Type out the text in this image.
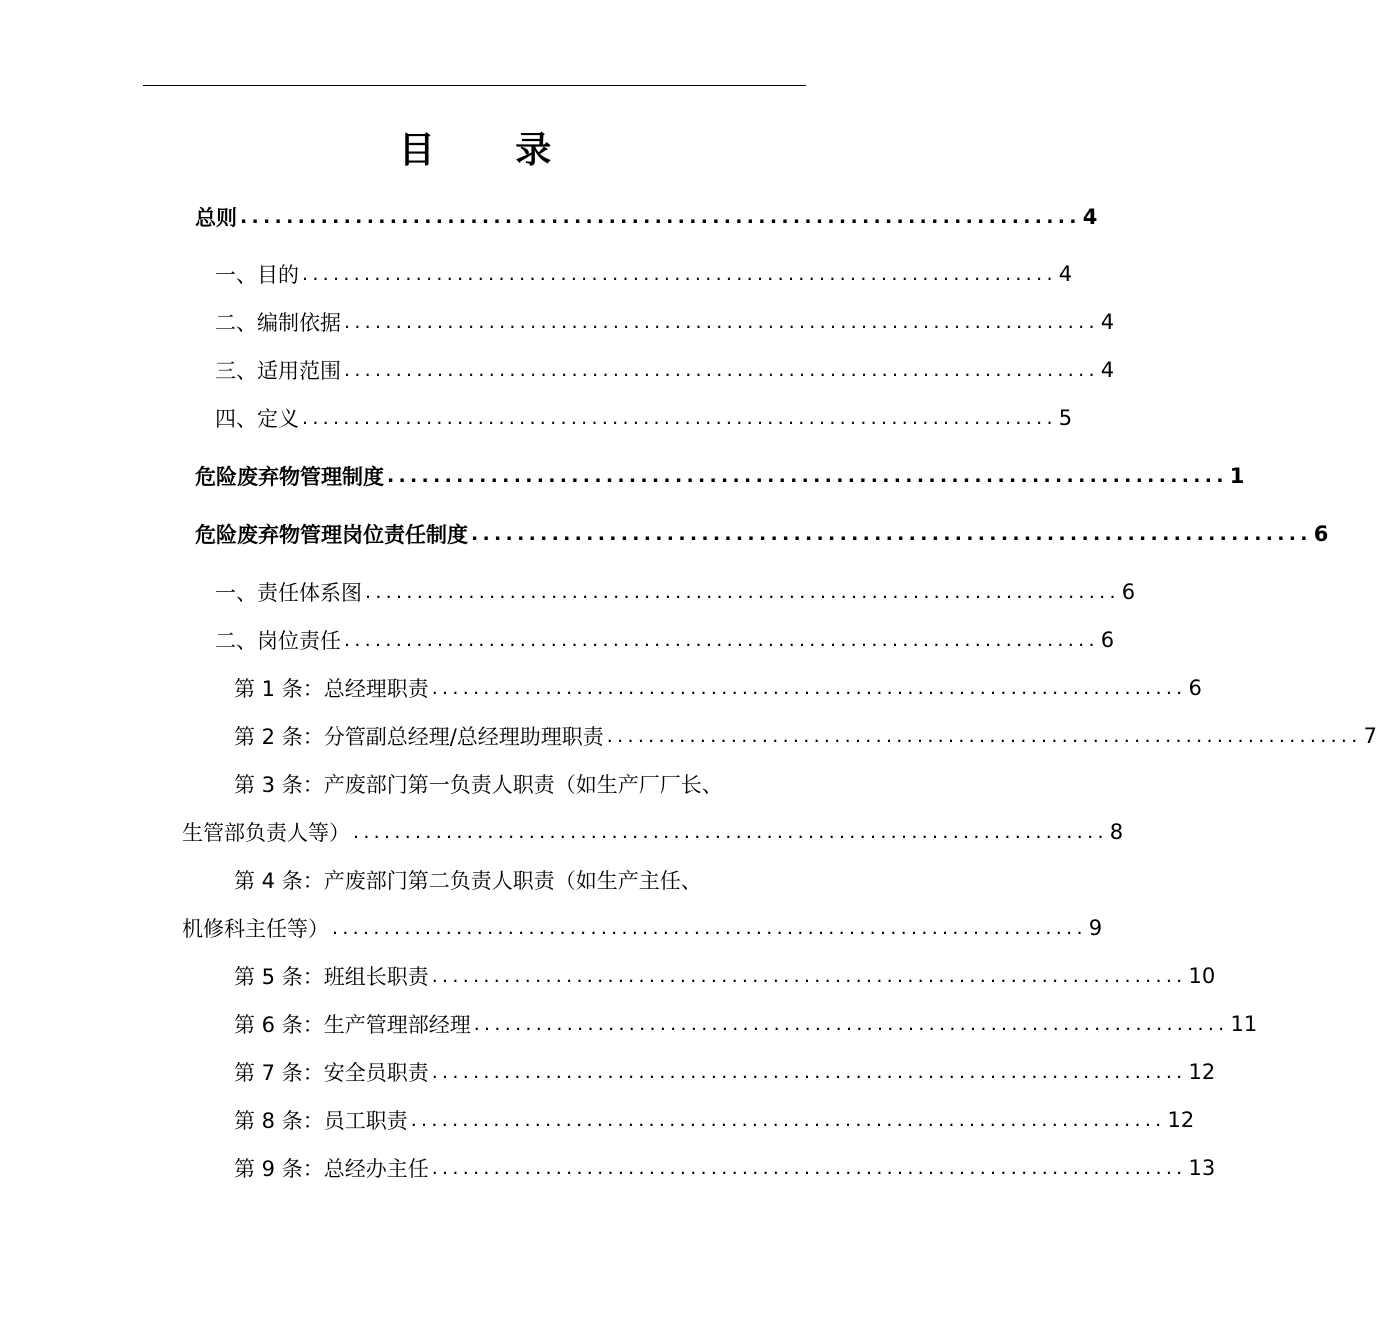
目 录
总则 ......................................................................... 4
一、目的 ......................................................................... 4
二、编制依据 ......................................................................... 4
三、适用范围 ......................................................................... 4
四、定义 ......................................................................... 5
危险废弃物管理制度 ......................................................................... 1
危险废弃物管理岗位责任制度 ......................................................................... 6
一、责任体系图 ......................................................................... 6
二、岗位责任 ......................................................................... 6
第 1 条：总经理职责 ......................................................................... 6
第 2 条：分管副总经理/总经理助理职责 ......................................................................... 7
第 3 条：产废部门第一负责人职责（如生产厂厂长、
生管部负责人等） ......................................................................... 8
第 4 条：产废部门第二负责人职责（如生产主任、
机修科主任等） ......................................................................... 9
第 5 条：班组长职责 ......................................................................... 10
第 6 条：生产管理部经理 ......................................................................... 11
第 7 条：安全员职责 ......................................................................... 12
第 8 条：员工职责 ......................................................................... 12
第 9 条：总经办主任 ......................................................................... 13
